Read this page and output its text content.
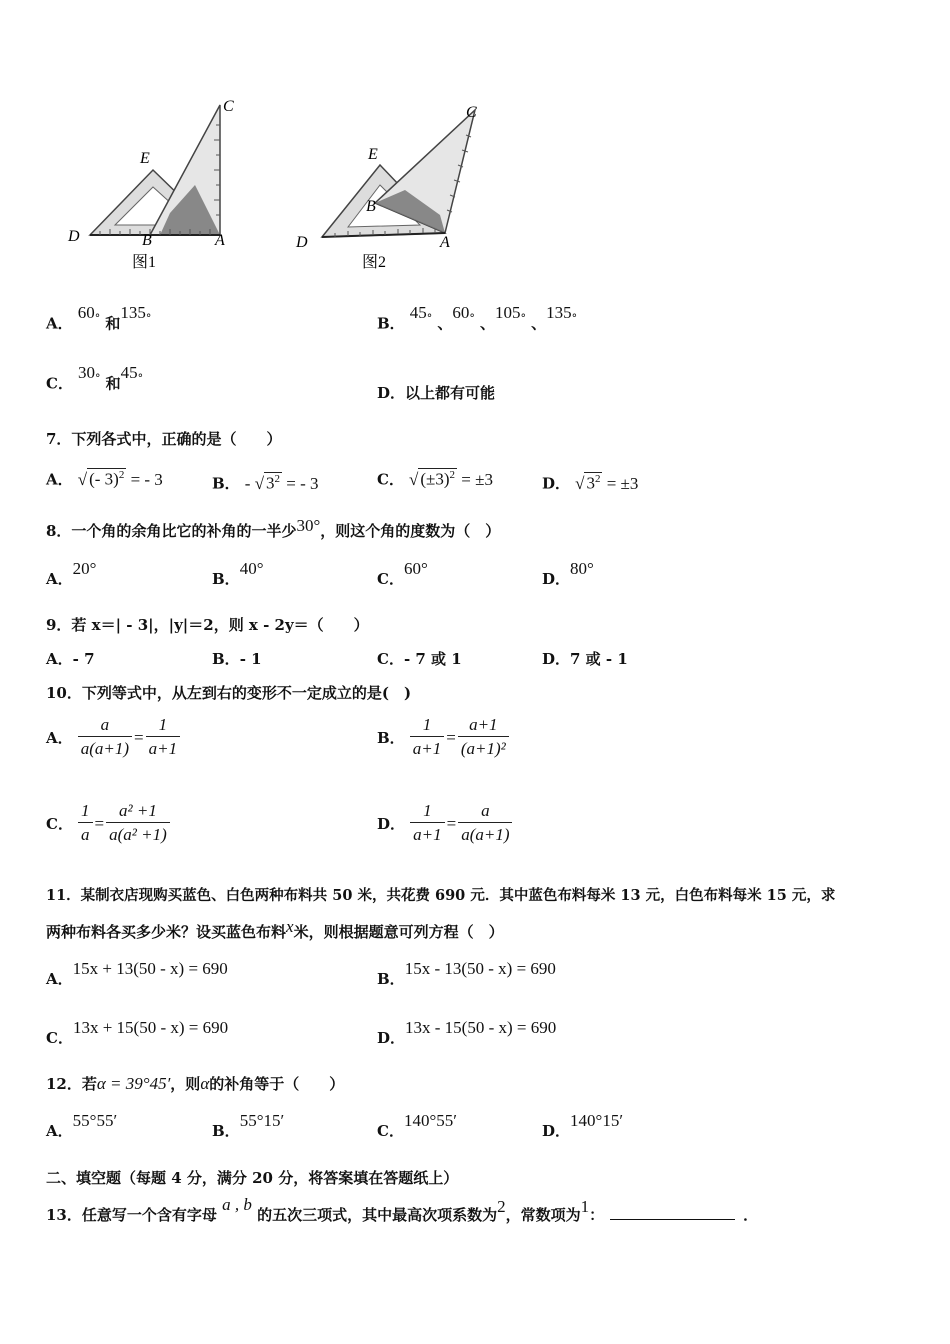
C
E
D	B	A
图1
C
E
D
B
A
图2
A． 60° 和135°	B． 45° 、60° 、105° 、135°
C． 30° 和45°
D．以上都有可能
7．下列各式中，正确的是（　　）
A． √ (- 3)$^2$ = - 3	B． - √ $3^2$ = - 3	C． √ $(\pm 3)^2 = \pm 3$	D． √ $3^2 = \pm 3$
8．一个角的余角比它的补角的一半少30°，则这个角的度数为（　）
A．20°
B．40°
C．60°
D．80°
9．若 x＝| - 3|，|y|＝2，则 x - 2y＝（　　）
A．- 7	B．- 1	C．- 7 或 1	D．7 或 - 1
10．下列等式中，从左到右的变形不一定成立的是(　)
A． $\frac{a}{a(a+1)} = \frac{1}{a+1}$	B． $\frac{1}{a+1} = \frac{a+1}{\text{(a+1)²}}$
C． $\frac{1}{a} = \frac{\text{a² +1}}{\text{a(a² +1)}}$	D． $\frac{1}{a+1} = \frac{a}{a(a+1)}$
11．某制衣店现购买蓝色、白色两种布料共 50 米，共花费 690 元．其中蓝色布料每米 13 元，白色布料每米 15 元，求
两种布料各买多少米？设买蓝色布料x米，则根据题意可列方程（　）
A．15x + 13(50 - x) = 690
B．15x - 13(50 - x) = 690
C．13x + 15(50 - x) = 690
D．13x - 15(50 - x) = 690
12．若α = 39°45′，则α的补角等于（　　）
A．55°55′
B．55°15′
C．140°55′
D．140°15′
二、填空题（每题 4 分，满分 20 分，将答案填在答题纸上）
13．任意写一个含有字母 a , b 的五次三项式，其中最高次项系数为2，常数项为1：	．
